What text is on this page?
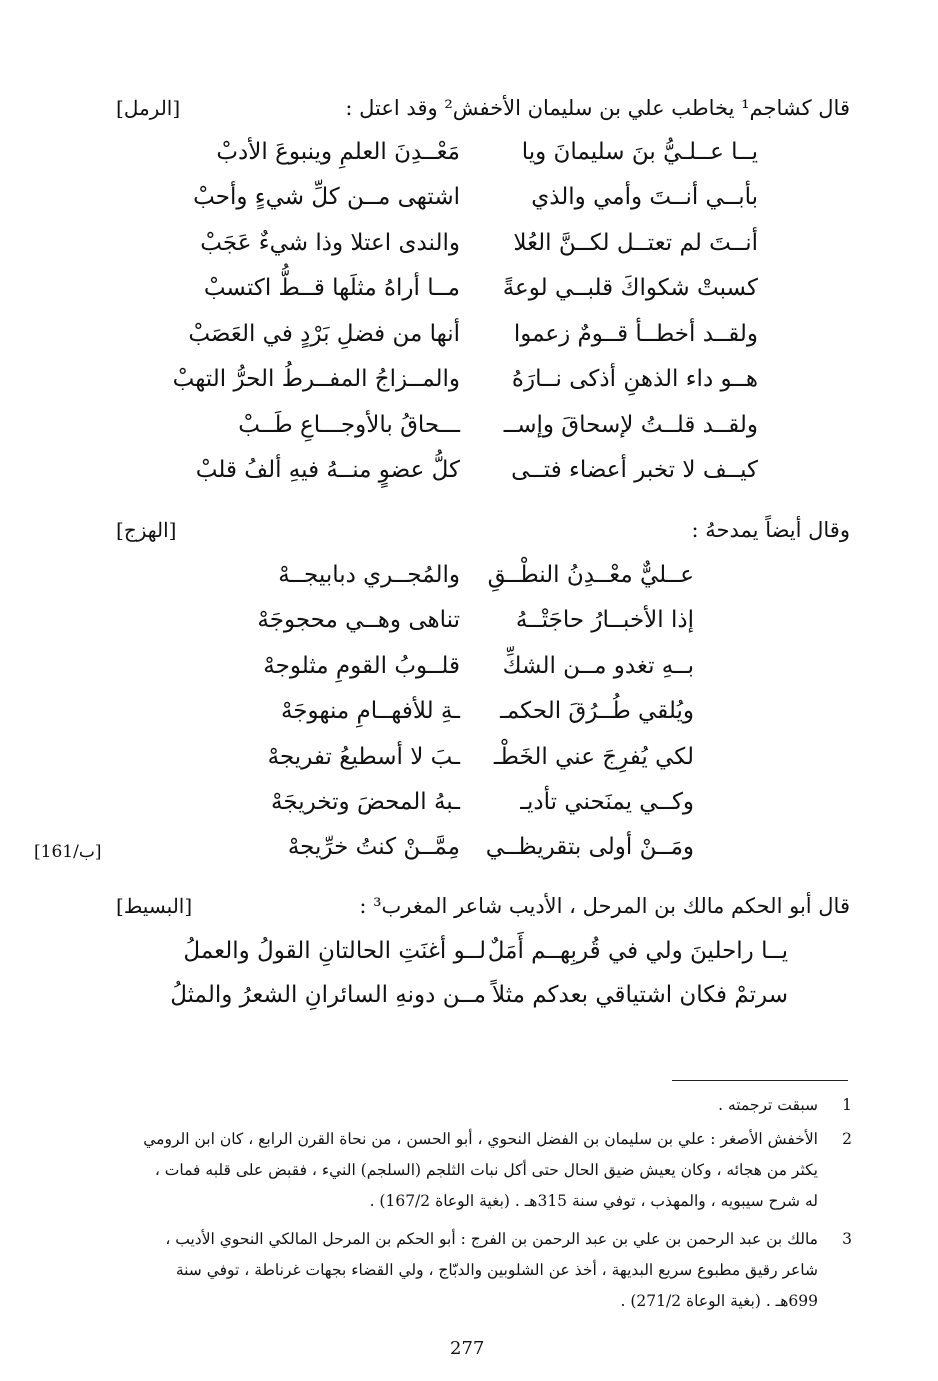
قال كشاجم¹ يخاطب علي بن سليمان الأخفش² وقد اعتل :
[الرمل]
يــا عــلـيُّ بنَ سليمانَ ويا
مَعْــدِنَ العلمِ وينبوعَ الأدبْ
بأبــي أنــتَ وأمي والذي
اشتهى مــن كلِّ شيءٍ وأحبْ
أنــتَ لم تعتــل لكــنَّ العُلا
والندى اعتلا وذا شيءٌ عَجَبْ
كسبتْ شكواكَ قلبــي لوعةً
مــا أراهُ مثلَها قــطُّ اكتسبْ
ولقــد أخطــأ قــومٌ زعموا
أنها من فضلِ بَرْدٍ في العَصَبْ
هــو داء الذهنِ أذكى نــارَهُ
والمــزاجُ المفــرطُ الحرُّ التهبْ
ولقــد قلــتُ لإسحاقَ وإســ
ـــحاقُ بالأوجـــاعِ طَــبْ
كيــف لا تخبر أعضاء فتــى
كلُّ عضوٍ منــهُ فيهِ ألفُ قلبْ
وقال أيضاً يمدحهُ :
[الهزج]
عــليٌّ معْــدِنُ النطْــقِ
والمُجــري دبابيجــهْ
إذا الأخبــارُ حاجَتْــهُ
تناهى وهــي محجوجَهْ
بــهِ تغدو مــن الشكِّ
قلــوبُ القومِ مثلوجهْ
ويُلقي طُــرُقَ الحكمـ
ـةِ للأفهــامِ منهوجَهْ
لكي يُفرِجَ عني الخَطْـ
ـبَ لا أسطيعُ تفريجهْ
وكــي يمنَحني تأديـ
ـبهُ المحضَ وتخريجَهْ
ومَــنْ أولى بتقريظــي
مِمَّــنْ كنتُ خرِّيجهْ
[161/ب]
قال أبو الحكم مالك بن المرحل ، الأديب شاعر المغرب³ :
[البسيط]
يــا راحلينَ ولي في قُربِهــم أَمَلٌ
لــو أغنَتِ الحالتانِ القولُ والعملُ
سرتمْ فكان اشتياقي بعدكم مثلاً
مــن دونهِ السائرانِ الشعرُ والمثلُ
1
سبقت ترجمته .
2
الأخفش الأصغر : علي بن سليمان بن الفضل النحوي ، أبو الحسن ، من نحاة القرن الرابع ، كان ابن الرومي
يكثر من هجائه ، وكان يعيش ضيق الحال حتى أكل نبات الثلجم (السلجم) النيء ، فقبض على قلبه فمات ،
له شرح سيبويه ، والمهذب ، توفي سنة 315هـ . (بغية الوعاة 167/2) .
3
مالك بن عبد الرحمن بن علي بن عبد الرحمن بن الفرج : أبو الحكم بن المرحل المالكي النحوي الأديب ،
شاعر رقيق مطبوع سريع البديهة ، أخذ عن الشلوبين والدبّاج ، ولي القضاء بجهات غرناطة ، توفي سنة
699هـ . (بغية الوعاة 271/2) .
277
